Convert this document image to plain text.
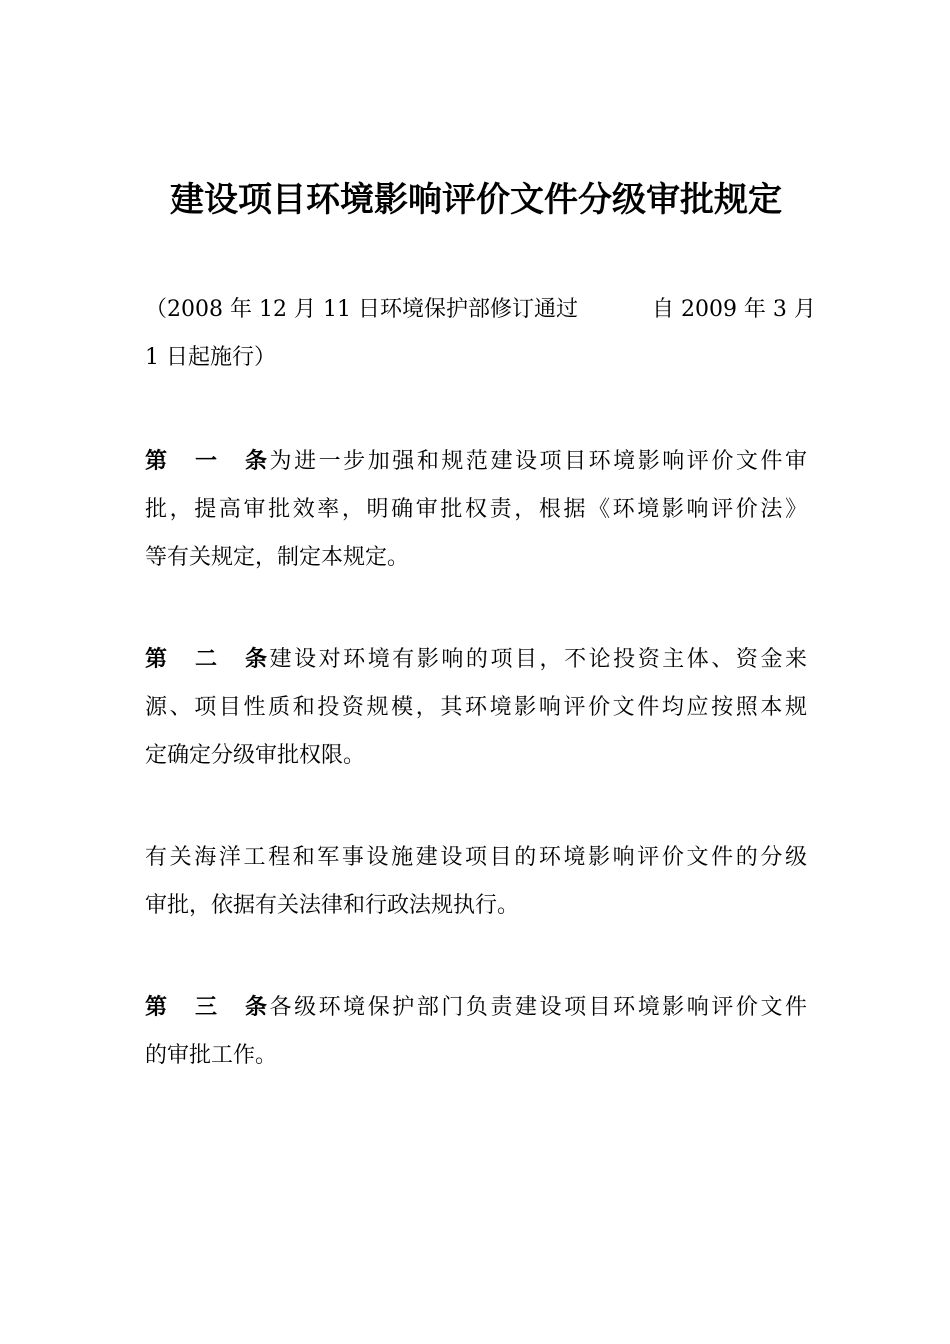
建设项目环境影响评价文件分级审批规定
（2008 年 12 月 11 日环境保护部修订通过	自 2009 年 3 月
1 日起施行）
第一条为进一步加强和规范建设项目环境影响评价文件审
批，提高审批效率，明确审批权责，根据《环境影响评价法》
等有关规定，制定本规定。
第二条建设对环境有影响的项目，不论投资主体、资金来
源、项目性质和投资规模，其环境影响评价文件均应按照本规
定确定分级审批权限。
有关海洋工程和军事设施建设项目的环境影响评价文件的分级
审批，依据有关法律和行政法规执行。
第三条各级环境保护部门负责建设项目环境影响评价文件
的审批工作。
